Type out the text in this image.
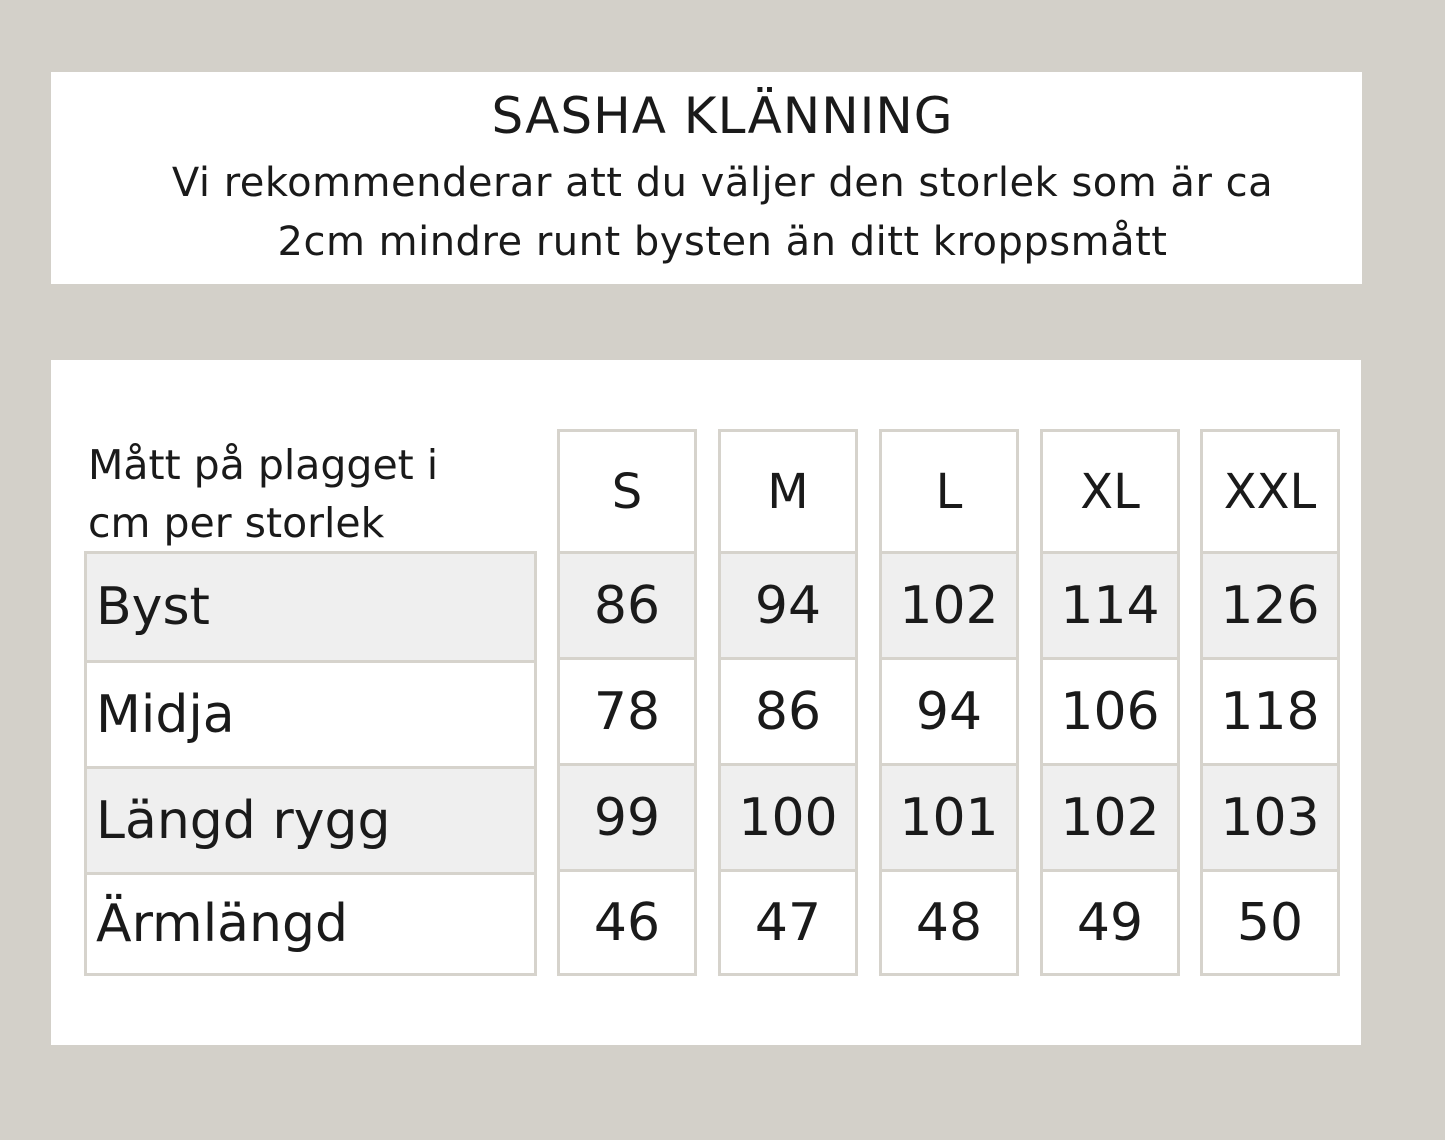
SASHA KLÄNNING
Vi rekommenderar att du väljer den storlek som är ca
2cm mindre runt bysten än ditt kroppsmått
Mått på plagget i
cm per storlek
Byst
Midja
Längd rygg
Ärmlängd
S
86
78
99
46
M
94
86
100
47
L
102
94
101
48
XL
114
106
102
49
XXL
126
118
103
50
